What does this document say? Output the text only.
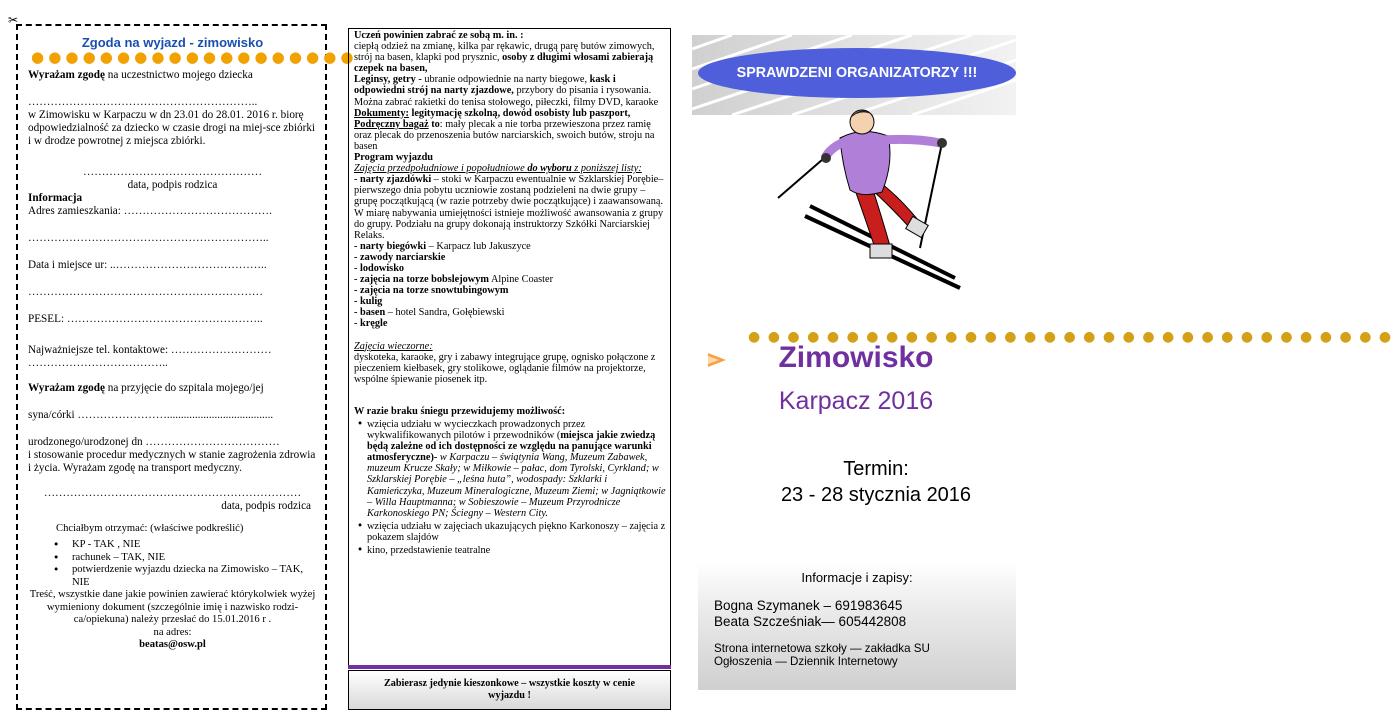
✂
Zgoda na wyjazd - zimowisko
●●●●●●●●●●●●●●●●●●●

Wyrażam zgodę na uczestnictwo mojego dziecka

……………………………………………………..

w Zimowisku w Karpaczu w dn 23.01 do 28.01. 2016 r. biorę odpowiedzialność za dziecko w czasie drogi na miej-sce zbiórki i w drodze powrotnej z miejsca zbiórki.

…………………………………………

data, podpis rodzica

Informacja

Adres zamieszkania: ………………………………….

………………………………………………………..

Data i miejsce ur: ..…………………………………..

………………………………………………………

PESEL: ……………………………………………..

Najważniejsze tel. kontaktowe: ………………………

………………………………..

Wyrażam zgodę na przyjęcie do szpitala mojego/jej

syna/córki ……………………......................................

urodzonego/urodzonej dn ………………………………

i stosowanie procedur medycznych w stanie zagrożenia zdrowia i życia. Wyrażam zgodę na transport medyczny.

……………………………………………………………

data, podpis rodzica

Chciałbym otrzymać: (właściwe podkreślić)

• KP - TAK , NIE
• rachunek – TAK, NIE
• potwierdzenie wyjazdu dziecka na Zimowisko – TAK, NIE

Treść, wszystkie dane jakie powinien zawierać którykolwiek wyżej wymieniony dokument (szczególnie imię i nazwisko rodzi-ca/opiekuna) należy przesłać do 15.01.2016 r .

na adres:

beatas@osw.pl

Uczeń powinien zabrać ze sobą m. in. :

ciepłą odzież na zmianę, kilka par rękawic, drugą parę butów zimowych, strój na basen, klapki pod prysznic, osoby z długimi włosami zabierają czepek na basen,

Leginsy, getry - ubranie odpowiednie na narty biegowe, kask i odpowiedni strój na narty zjazdowe, przybory do pisania i rysowania. Można zabrać rakietki do tenisa stołowego, piłeczki, filmy DVD, karaoke

Dokumenty: legitymację szkolną, dowód osobisty lub paszport,

Podręczny bagaż to: mały plecak a nie torba przewieszona przez ramię oraz plecak do przenoszenia butów narciarskich, swoich butów, stroju na basen

Program wyjazdu

Zajęcia przedpołudniowe i popołudniowe do wyboru z poniższej listy:

- narty zjazdówki – stoki w Karpaczu ewentualnie w Szklarskiej Porębie– pierwszego dnia pobytu uczniowie zostaną podzieleni na dwie grupy – grupę początkującą (w razie potrzeby dwie początkujące) i zaawansowaną. W miarę nabywania umiejętności istnieje możliwość awansowania z grupy do grupy. Podziału na grupy dokonają instruktorzy Szkółki Narciarskiej Relaks.
- narty biegówki – Karpacz lub Jakuszyce
- zawody narciarskie
- lodowisko
- zajęcia na torze bobslejowym Alpine Coaster
- zajęcia na torze snowtubingowym
- kulig
- basen – hotel Sandra, Gołębiewski
- kręgle

Zajęcia wieczorne:

dyskoteka, karaoke, gry i zabawy integrujące grupę, ognisko połączone z pieczeniem kiełbasek, gry stolikowe, oglądanie filmów na projektorze, wspólne śpiewanie piosenek itp.

W razie braku śniegu przewidujemy możliwość:

• wzięcia udziału w wycieczkach prowadzonych przez wykwalifikowanych pilotów i przewodników (miejsca jakie zwiedzą będą zależne od ich dostępności ze względu na panujące warunki atmosferyczne)- w Karpaczu – świątynia Wang, Muzeum Zabawek, muzeum Krucze Skały; w Miłkowie – pałac, dom Tyrolski, Cyrkland; w Szklarskiej Porębie – „leśna huta”, wodospady: Szklarki i Kamieńczyka, Muzeum Mineralogiczne, Muzeum Ziemi; w Jagniątkowie – Willa Hauptmanna; w Sobieszowie – Muzeum Przyrodnicze Karkonoskiego PN; Ściegny – Western City.
• wzięcia udziału w zajęciach ukazujących piękno Karkonoszy – zajęcia z pokazem slajdów
• kino, przedstawienie teatralne
Zabierasz jedynie kieszonkowe – wszystkie koszty w cenie wyjazdu !
SPRAWDZENI ORGANIZATORZY !!!
●●●●●●●●●●●●●●●●●●●●●●●●●●●●●●●●●
Zimowisko
Karpacz 2016
Termin:
23 - 28 stycznia 2016
Informacje i zapisy:
Bogna Szymanek – 691983645
Beata Szcześniak— 605442808
Strona internetowa szkoły — zakładka SU
Ogłoszenia — Dziennik Internetowy
